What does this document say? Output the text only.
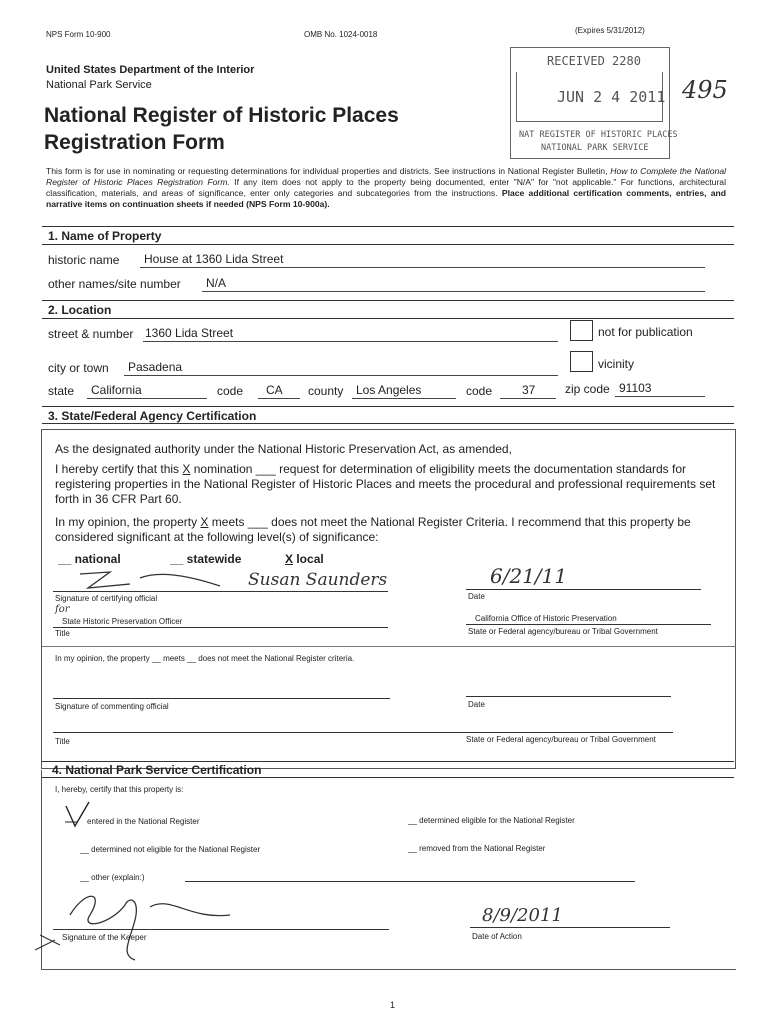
NPS Form 10-900	OMB No. 1024-0018	(Expires 5/31/2012)
United States Department of the Interior
National Park Service
National Register of Historic Places
Registration Form
RECEIVED 2280
JUN 2 4 2011
NAT REGISTER OF HISTORIC PLACES
NATIONAL PARK SERVICE
495
This form is for use in nominating or requesting determinations for individual properties and districts. See instructions in National Register Bulletin, How to Complete the National Register of Historic Places Registration Form. If any item does not apply to the property being documented, enter "N/A" for "not applicable." For functions, architectural classification, materials, and areas of significance, enter only categories and subcategories from the instructions. Place additional certification comments, entries, and narrative items on continuation sheets if needed (NPS Form 10-900a).
1. Name of Property
historic name	House at 1360 Lida Street
other names/site number	N/A
2. Location
street & number 1360 Lida Street	not for publication
city or town	Pasadena	vicinity
state	California	code	CA	county	Los Angeles	code	37	zip code 91103
3. State/Federal Agency Certification
As the designated authority under the National Historic Preservation Act, as amended,
I hereby certify that this X nomination ___ request for determination of eligibility meets the documentation standards for registering properties in the National Register of Historic Places and meets the procedural and professional requirements set forth in 36 CFR Part 60.
In my opinion, the property X meets ___ does not meet the National Register Criteria. I recommend that this property be considered significant at the following level(s) of significance:
__ national	__ statewide	X local
Susan Saunders
Signature of certifying official
6/21/11
Date
for
State Historic Preservation Officer
Title
California Office of Historic Preservation
State or Federal agency/bureau or Tribal Government
In my opinion, the property __ meets __ does not meet the National Register criteria.
Signature of commenting official	Date
Title	State or Federal agency/bureau or Tribal Government
4. National Park Service Certification
I, hereby, certify that this property is:
entered in the National Register	__ determined eligible for the National Register
__ determined not eligible for the National Register	__ removed from the National Register
__ other (explain:)
Signature of the Keeper
8/9/2011
Date of Action
1
